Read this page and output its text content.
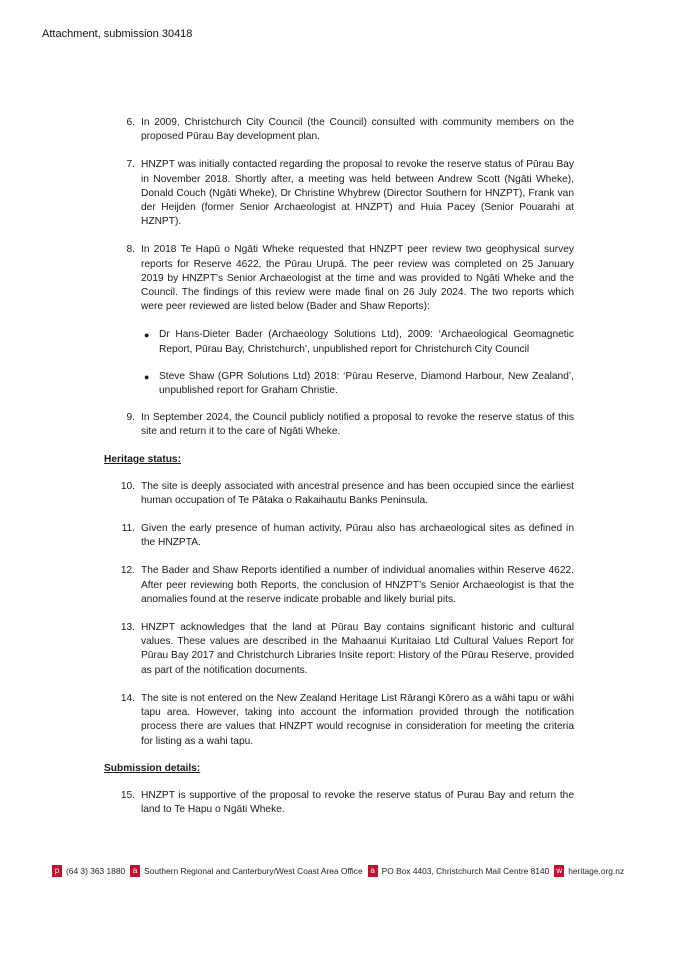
Attachment, submission 30418
6. In 2009, Christchurch City Council (the Council) consulted with community members on the proposed Pūrau Bay development plan.
7. HNZPT was initially contacted regarding the proposal to revoke the reserve status of Pūrau Bay in November 2018. Shortly after, a meeting was held between Andrew Scott (Ngāti Wheke), Donald Couch (Ngāti Wheke), Dr Christine Whybrew (Director Southern for HNZPT), Frank van der Heijden (former Senior Archaeologist at HNZPT) and Huia Pacey (Senior Pouarahi at HZNPT).
8. In 2018 Te Hapū o Ngāti Wheke requested that HNZPT peer review two geophysical survey reports for Reserve 4622, the Pūrau Urupā. The peer review was completed on 25 January 2019 by HNZPT’s Senior Archaeologist at the time and was provided to Ngāti Wheke and the Council. The findings of this review were made final on 26 July 2024. The two reports which were peer reviewed are listed below (Bader and Shaw Reports):
● Dr Hans-Dieter Bader (Archaeology Solutions Ltd), 2009: ‘Archaeological Geomagnetic Report, Pūrau Bay, Christchurch’, unpublished report for Christchurch City Council
● Steve Shaw (GPR Solutions Ltd) 2018: ‘Pūrau Reserve, Diamond Harbour, New Zealand’, unpublished report for Graham Christie.
9. In September 2024, the Council publicly notified a proposal to revoke the reserve status of this site and return it to the care of Ngāti Wheke.
Heritage status:
10. The site is deeply associated with ancestral presence and has been occupied since the earliest human occupation of Te Pātaka o Rakaihautu Banks Peninsula.
11. Given the early presence of human activity, Pūrau also has archaeological sites as defined in the HNZPTA.
12. The Bader and Shaw Reports identified a number of individual anomalies within Reserve 4622. After peer reviewing both Reports, the conclusion of HNZPT’s Senior Archaeologist is that the anomalies found at the reserve indicate probable and likely burial pits.
13. HNZPT acknowledges that the land at Pūrau Bay contains significant historic and cultural values. These values are described in the Mahaanui Kuritaiao Ltd Cultural Values Report for Pūrau Bay 2017 and Christchurch Libraries Insite report: History of the Pūrau Reserve, provided as part of the notification documents.
14. The site is not entered on the New Zealand Heritage List Rārangi Kōrero as a wāhi tapu or wāhi tapu area. However, taking into account the information provided through the notification process there are values that HNZPT would recognise in consideration for meeting the criteria for listing as a wahi tapu.
Submission details:
15. HNZPT is supportive of the proposal to revoke the reserve status of Purau Bay and return the land to Te Hapu o Ngāti Wheke.
p (64 3) 363 1880 a Southern Regional and Canterbury/West Coast Area Office a PO Box 4403, Christchurch Mail Centre 8140 w heritage.org.nz
